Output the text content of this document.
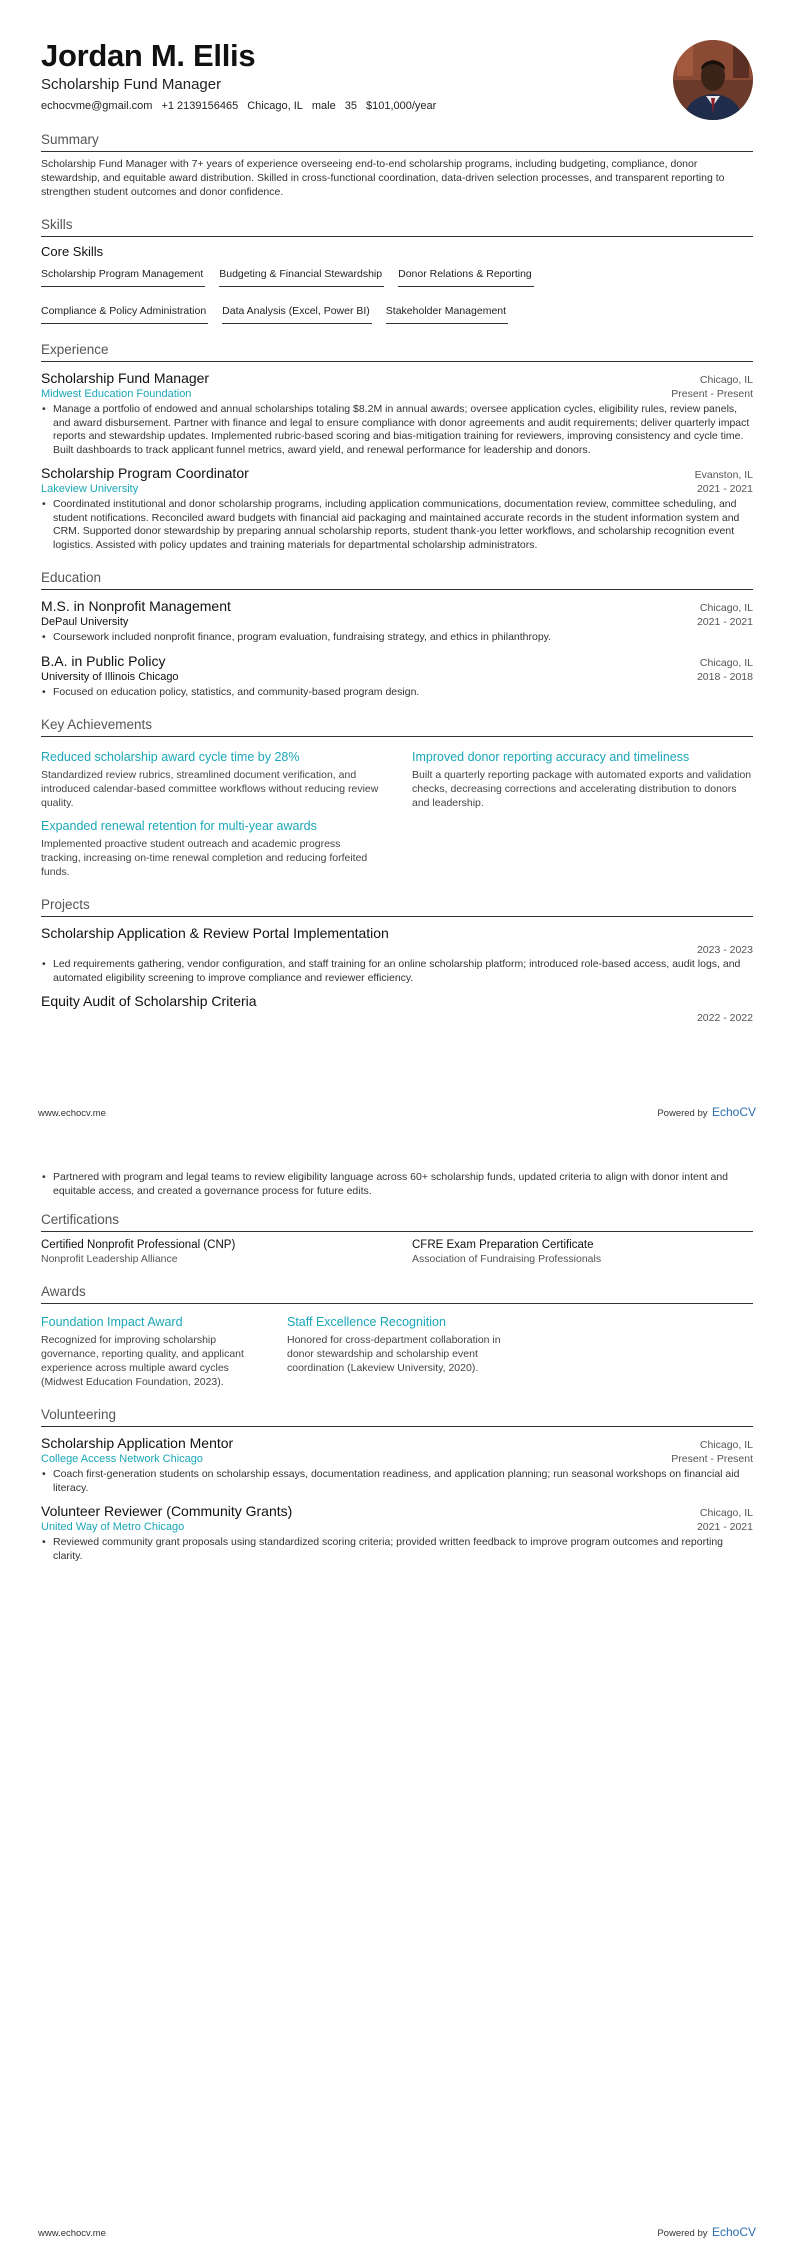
Jordan M. Ellis
Scholarship Fund Manager
echocvme@gmail.com +1 2139156465 Chicago, IL male 35 $101,000/year
Summary
Scholarship Fund Manager with 7+ years of experience overseeing end-to-end scholarship programs, including budgeting, compliance, donor stewardship, and equitable award distribution. Skilled in cross-functional coordination, data-driven selection processes, and transparent reporting to strengthen student outcomes and donor confidence.
Skills
Core Skills
Scholarship Program Management Budgeting & Financial Stewardship Donor Relations & Reporting
Compliance & Policy Administration Data Analysis (Excel, Power BI) Stakeholder Management
Experience
Scholarship Fund Manager	Chicago, IL
Midwest Education Foundation	Present - Present
• Manage a portfolio of endowed and annual scholarships totaling $8.2M in annual awards; oversee application cycles, eligibility rules, review panels, and award disbursement. Partner with finance and legal to ensure compliance with donor agreements and audit requirements; deliver quarterly impact reports and stewardship updates. Implemented rubric-based scoring and bias-mitigation training for reviewers, improving consistency and cycle time. Built dashboards to track applicant funnel metrics, award yield, and renewal performance for leadership and donors.
Scholarship Program Coordinator	Evanston, IL
Lakeview University	2021 - 2021
• Coordinated institutional and donor scholarship programs, including application communications, documentation review, committee scheduling, and student notifications. Reconciled award budgets with financial aid packaging and maintained accurate records in the student information system and CRM. Supported donor stewardship by preparing annual scholarship reports, student thank-you letter workflows, and scholarship recognition event logistics. Assisted with policy updates and training materials for departmental scholarship administrators.
Education
M.S. in Nonprofit Management	Chicago, IL
DePaul University	2021 - 2021
• Coursework included nonprofit finance, program evaluation, fundraising strategy, and ethics in philanthropy.
B.A. in Public Policy	Chicago, IL
University of Illinois Chicago	2018 - 2018
• Focused on education policy, statistics, and community-based program design.
Key Achievements
Reduced scholarship award cycle time by 28%
Standardized review rubrics, streamlined document verification, and introduced calendar-based committee workflows without reducing review quality.
Improved donor reporting accuracy and timeliness
Built a quarterly reporting package with automated exports and validation checks, decreasing corrections and accelerating distribution to donors and leadership.
Expanded renewal retention for multi-year awards
Implemented proactive student outreach and academic progress tracking, increasing on-time renewal completion and reducing forfeited funds.
Projects
Scholarship Application & Review Portal Implementation
2023 - 2023
• Led requirements gathering, vendor configuration, and staff training for an online scholarship platform; introduced role-based access, audit logs, and automated eligibility screening to improve compliance and reviewer efficiency.
Equity Audit of Scholarship Criteria
2022 - 2022
www.echocv.me	Powered by EchoCV
• Partnered with program and legal teams to review eligibility language across 60+ scholarship funds, updated criteria to align with donor intent and equitable access, and created a governance process for future edits.
Certifications
Certified Nonprofit Professional (CNP)
Nonprofit Leadership Alliance
CFRE Exam Preparation Certificate
Association of Fundraising Professionals
Awards
Foundation Impact Award
Recognized for improving scholarship governance, reporting quality, and applicant experience across multiple award cycles (Midwest Education Foundation, 2023).
Staff Excellence Recognition
Honored for cross-department collaboration in donor stewardship and scholarship event coordination (Lakeview University, 2020).
Volunteering
Scholarship Application Mentor	Chicago, IL
College Access Network Chicago	Present - Present
• Coach first-generation students on scholarship essays, documentation readiness, and application planning; run seasonal workshops on financial aid literacy.
Volunteer Reviewer (Community Grants)	Chicago, IL
United Way of Metro Chicago	2021 - 2021
• Reviewed community grant proposals using standardized scoring criteria; provided written feedback to improve program outcomes and reporting clarity.
www.echocv.me	Powered by EchoCV
